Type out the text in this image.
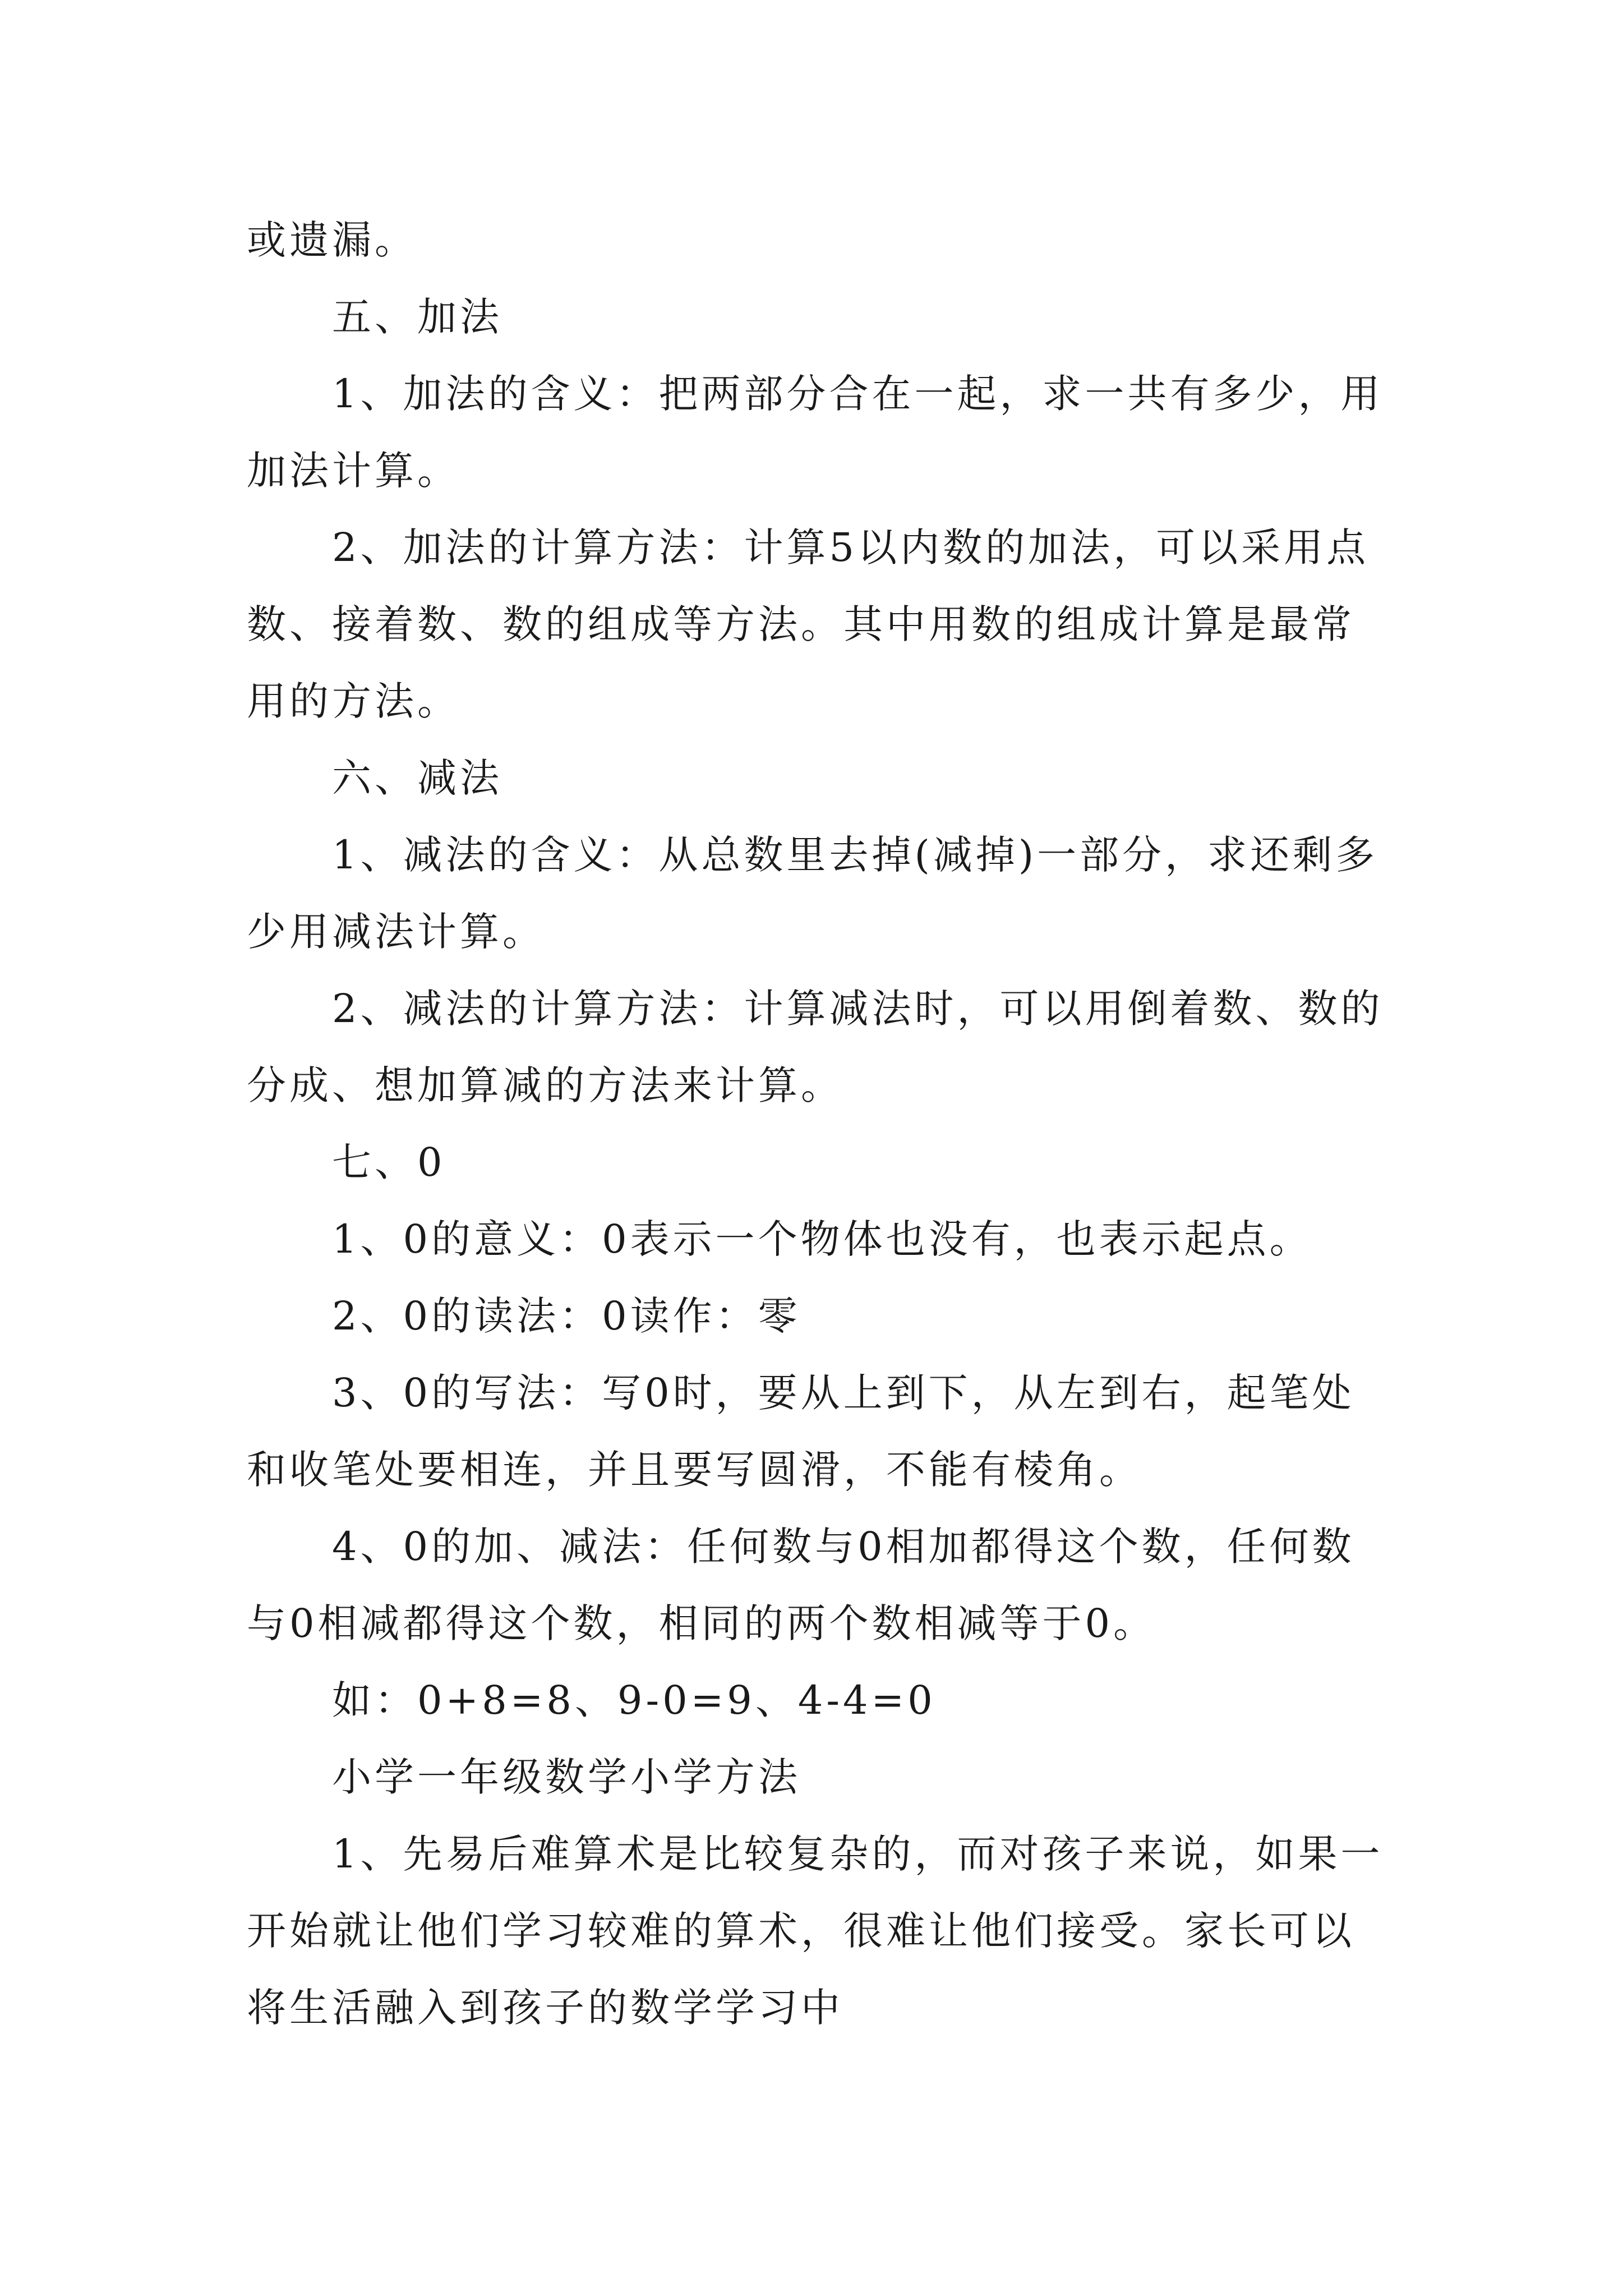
或遗漏。

五、加法

1、加法的含义：把两部分合在一起，求一共有多少，用加法计算。

2、加法的计算方法：计算5以内数的加法，可以采用点数、接着数、数的组成等方法。其中用数的组成计算是最常用的方法。

六、减法

1、减法的含义：从总数里去掉(减掉)一部分，求还剩多少用减法计算。

2、减法的计算方法：计算减法时，可以用倒着数、数的分成、想加算减的方法来计算。

七、0

1、0的意义：0表示一个物体也没有，也表示起点。

2、0的读法：0读作：零

3、0的写法：写0时，要从上到下，从左到右，起笔处和收笔处要相连，并且要写圆滑，不能有棱角。

4、0的加、减法：任何数与0相加都得这个数，任何数与0相减都得这个数，相同的两个数相减等于0。

如：0+8=8、9-0=9、4-4=0

小学一年级数学小学方法

1、先易后难算术是比较复杂的，而对孩子来说，如果一开始就让他们学习较难的算术，很难让他们接受。家长可以将生活融入到孩子的数学学习中
